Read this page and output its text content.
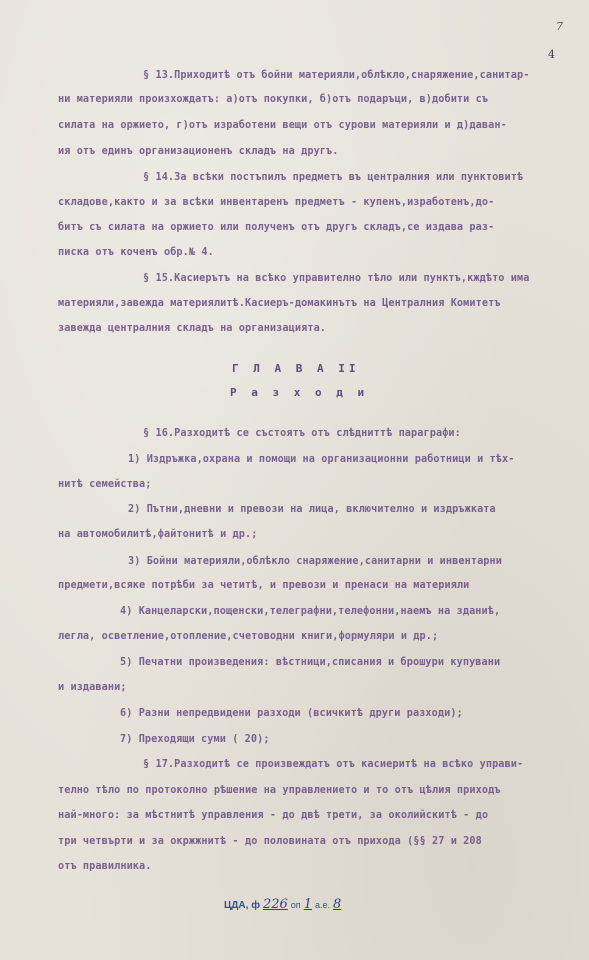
7
4
§ 13.Приходитѣ отъ бойни материяли,облѣкло,снаряжение,санитар-
ни материяли произхождатъ: а)отъ покупки, б)отъ подаръци, в)добити съ
силата на оржието, г)отъ изработени вещи отъ сурови материяли и д)даван-
ия отъ единъ организационенъ складъ на другъ.
§ 14.За всѣки постъпилъ предметъ въ централния или пунктовитѣ
складове,както и за всѣки инвентаренъ предметъ - купенъ,изработенъ,до-
битъ съ силата на оржието или полученъ отъ другъ складъ,се издава раз-
писка отъ коченъ обр.№ 4.
§ 15.Касиерътъ на всѣко управително тѣло или пунктъ,кждѣто има
материяли,завежда материялитѣ.Касиеръ-домакинътъ на Централния Комитетъ
завежда централния складъ на организацията.
Г Л А В А II
Р а з х о д и
§ 16.Разходитѣ се състоятъ отъ слѣдниттѣ параграфи:
1) Издръжка,охрана и помощи на организационни работници и тѣх-
нитѣ семейства;
2) Пътни,дневни и превози на лица, включително и издръжката
на автомобилитѣ,файтонитѣ и др.;
3) Бойни материяли,облѣкло снаряжение,санитарни и инвентарни
предмети,всяке потрѣби за четитѣ, и превози и пренаси на материяли
4) Канцеларски,пощенски,телеграфни,телефонни,наемъ на зданиѣ,
легла, осветление,отопление,счетоводни книги,формуляри и др.;
5) Печатни произведения: вѣстници,списания и брошури купувани
и издавани;
6) Разни непредвидени разходи (всичкитѣ други разходи);
7) Преходящи суми ( 20);
§ 17.Разходитѣ се произвеждатъ отъ касиеритѣ на всѣко управи-
телно тѣло по протоколно рѣшение на управлението и то отъ цѣлия приходъ
най-много: за мѣстнитѣ управления - до двѣ трети, за околийскитѣ - до
три четвърти и за окржжнитѣ - до половината отъ прихода (§§ 27 и 208
отъ правилника.
ЦДА, ф 226 оп 1 а.е. 8
